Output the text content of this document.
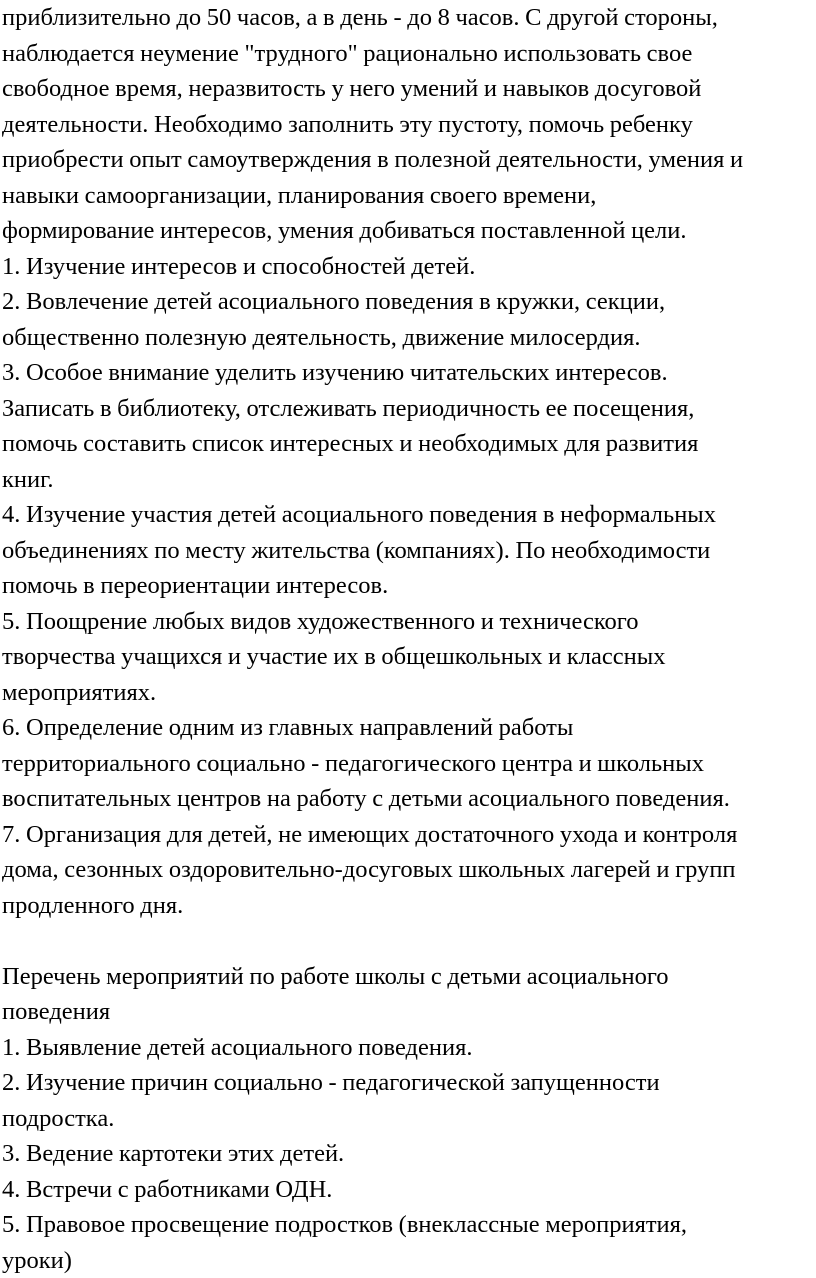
приблизительно до 50 часов, а в день - до 8 часов. С другой стороны,
наблюдается неумение "трудного" рационально использовать свое
свободное время, неразвитость у него умений и навыков досуговой
деятельности. Необходимо заполнить эту пустоту, помочь ребенку
приобрести опыт самоутверждения в полезной деятельности, умения и
навыки самоорганизации, планирования своего времени,
формирование интересов, умения добиваться поставленной цели.
1. Изучение интересов и способностей детей.
2. Вовлечение детей асоциального поведения в кружки, секции,
общественно полезную деятельность, движение милосердия.
3. Особое внимание уделить изучению читательских интересов.
Записать в библиотеку, отслеживать периодичность ее посещения,
помочь составить список интересных и необходимых для развития
книг.
4. Изучение участия детей асоциального поведения в неформальных
объединениях по месту жительства (компаниях). По необходимости
помочь в переориентации интересов.
5. Поощрение любых видов художественного и технического
творчества учащихся и участие их в общешкольных и классных
мероприятиях.
6. Определение одним из главных направлений работы
территориального социально - педагогического центра и школьных
воспитательных центров на работу с детьми асоциального поведения.
7. Организация для детей, не имеющих достаточного ухода и контроля
дома, сезонных оздоровительно-досуговых школьных лагерей и групп
продленного дня.
Перечень мероприятий по работе школы с детьми асоциального
поведения
1. Выявление детей асоциального поведения.
2. Изучение причин социально - педагогической запущенности
подростка.
3. Ведение картотеки этих детей.
4. Встречи с работниками ОДН.
5. Правовое просвещение подростков (внеклассные мероприятия,
уроки)
